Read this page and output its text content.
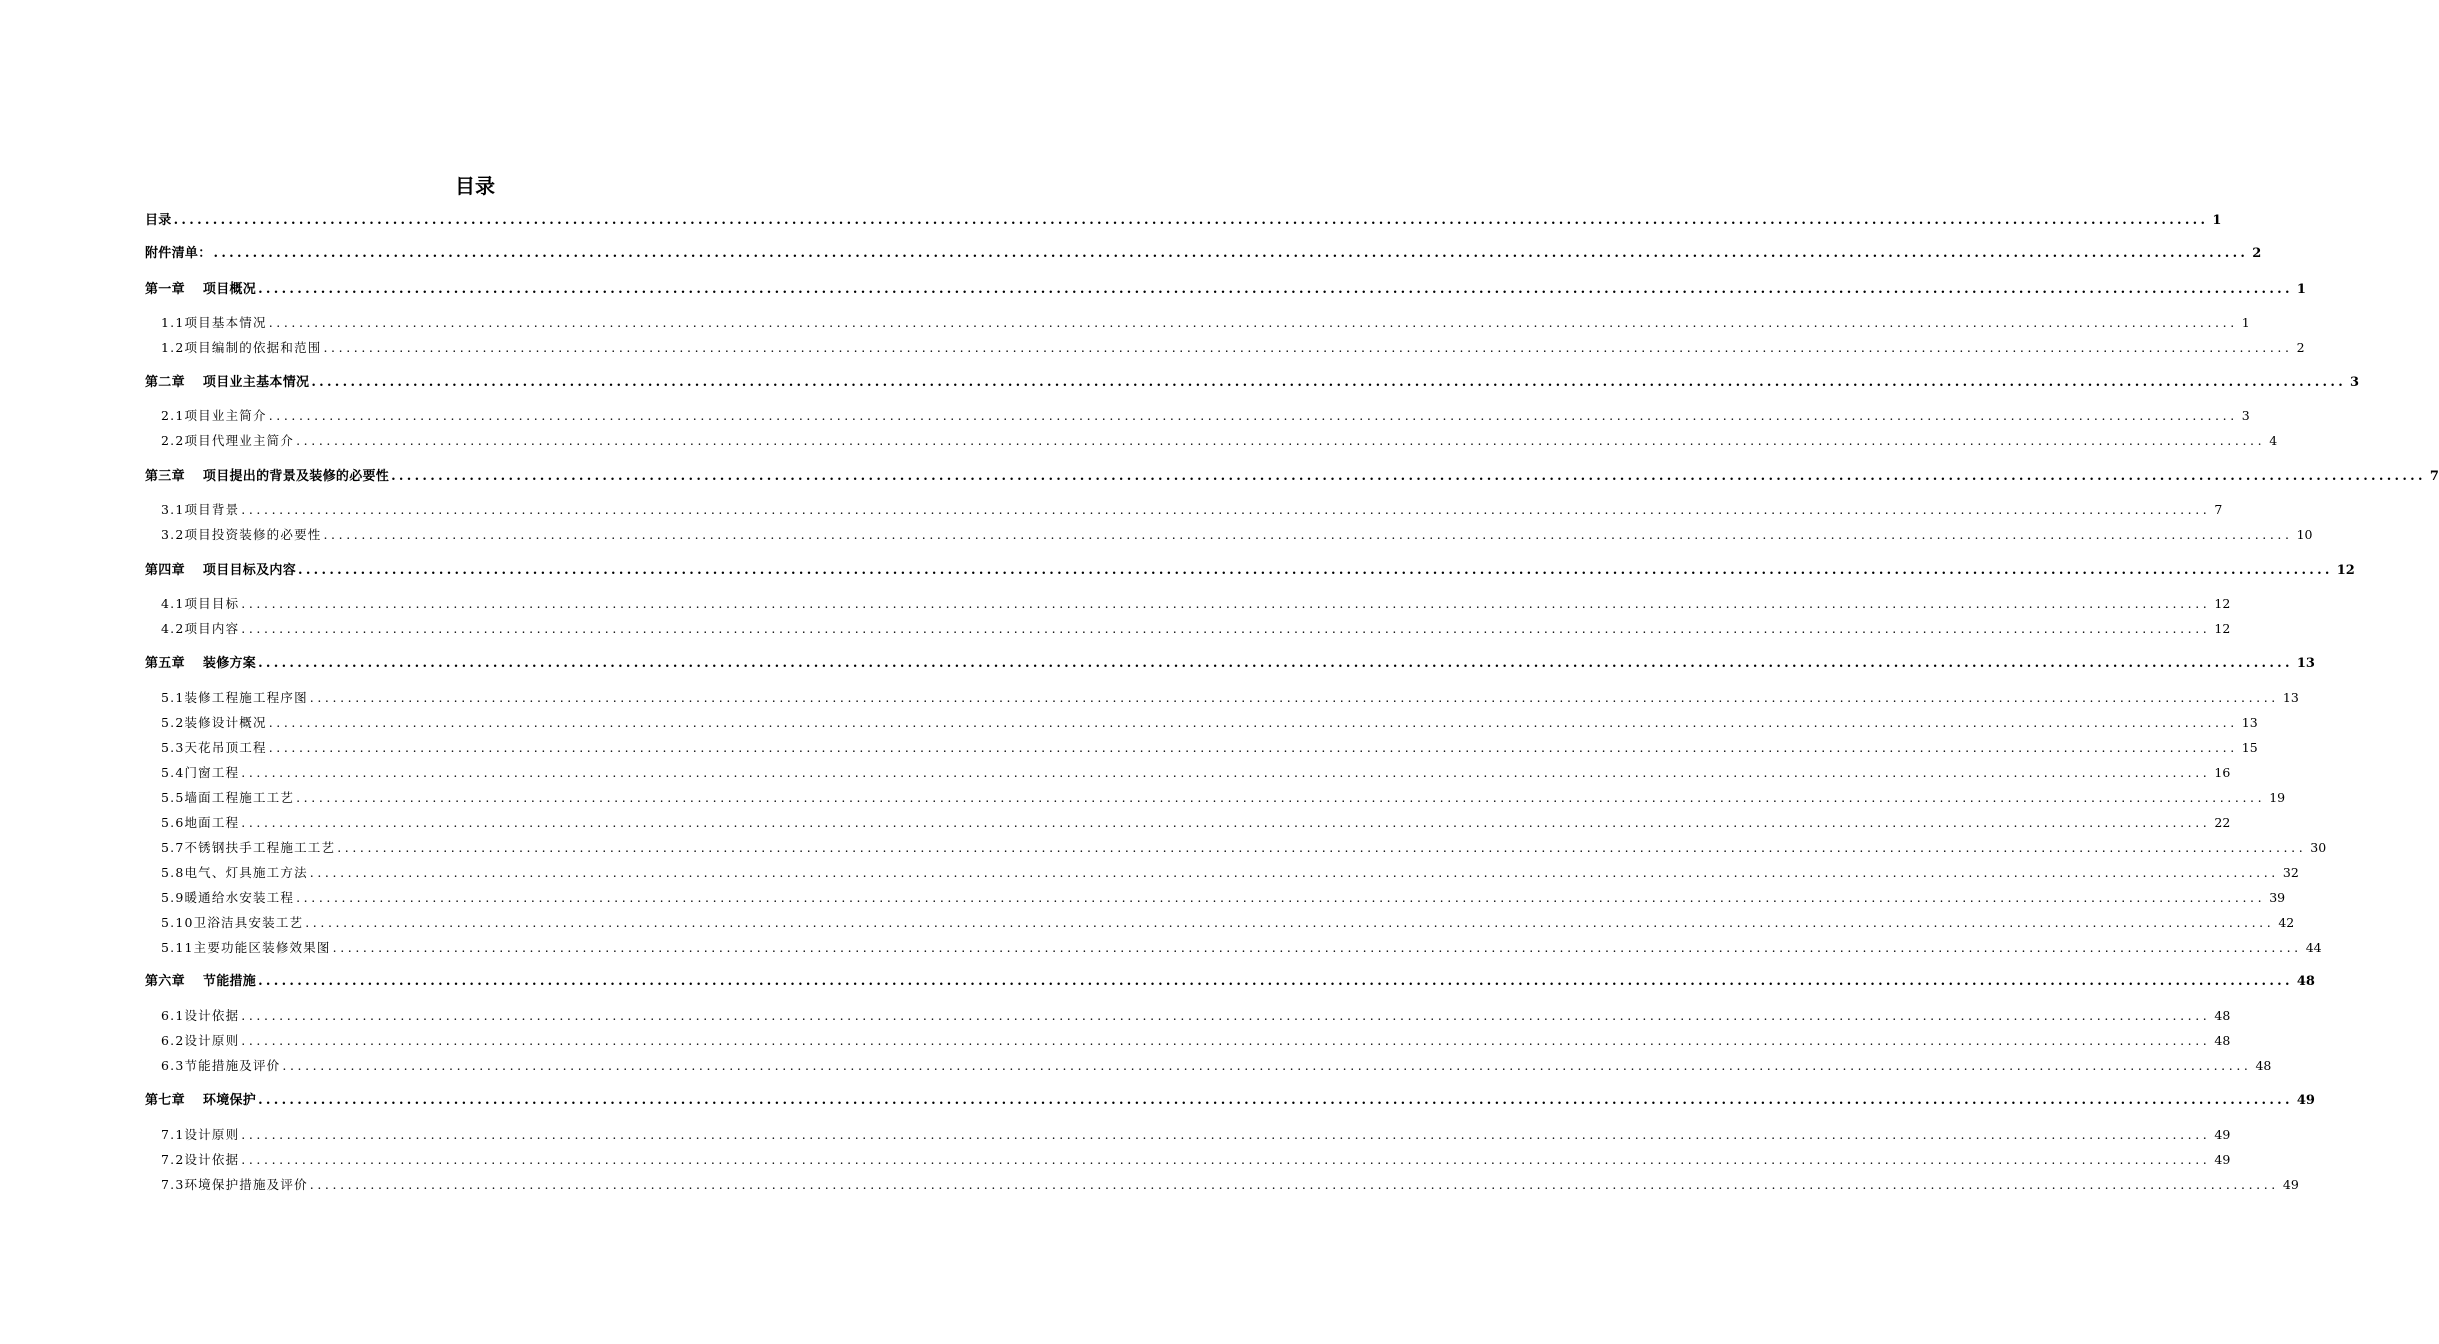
目录
目录 .................................................................................................................................................................................................................................................................... 1
附件清单： .................................................................................................................................................................................................................................................................... 2
第一章 项目概况 .................................................................................................................................................................................................................................................................... 1
1.1项目基本情况 .................................................................................................................................................................................................................................................................... 1
1.2项目编制的依据和范围 .................................................................................................................................................................................................................................................................... 2
第二章 项目业主基本情况 .................................................................................................................................................................................................................................................................... 3
2.1项目业主简介 .................................................................................................................................................................................................................................................................... 3
2.2项目代理业主简介 .................................................................................................................................................................................................................................................................... 4
第三章 项目提出的背景及装修的必要性 .................................................................................................................................................................................................................................................................... 7
3.1项目背景 .................................................................................................................................................................................................................................................................... 7
3.2项目投资装修的必要性 .................................................................................................................................................................................................................................................................... 10
第四章 项目目标及内容 .................................................................................................................................................................................................................................................................... 12
4.1项目目标 .................................................................................................................................................................................................................................................................... 12
4.2项目内容 .................................................................................................................................................................................................................................................................... 12
第五章 装修方案 .................................................................................................................................................................................................................................................................... 13
5.1装修工程施工程序图 .................................................................................................................................................................................................................................................................... 13
5.2装修设计概况 .................................................................................................................................................................................................................................................................... 13
5.3天花吊顶工程 .................................................................................................................................................................................................................................................................... 15
5.4门窗工程 .................................................................................................................................................................................................................................................................... 16
5.5墙面工程施工工艺 .................................................................................................................................................................................................................................................................... 19
5.6地面工程 .................................................................................................................................................................................................................................................................... 22
5.7不锈钢扶手工程施工工艺 .................................................................................................................................................................................................................................................................... 30
5.8电气、灯具施工方法 .................................................................................................................................................................................................................................................................... 32
5.9暖通给水安装工程 .................................................................................................................................................................................................................................................................... 39
5.10卫浴洁具安装工艺 .................................................................................................................................................................................................................................................................... 42
5.11主要功能区装修效果图 .................................................................................................................................................................................................................................................................... 44
第六章 节能措施 .................................................................................................................................................................................................................................................................... 48
6.1设计依据 .................................................................................................................................................................................................................................................................... 48
6.2设计原则 .................................................................................................................................................................................................................................................................... 48
6.3节能措施及评价 .................................................................................................................................................................................................................................................................... 48
第七章 环境保护 .................................................................................................................................................................................................................................................................... 49
7.1设计原则 .................................................................................................................................................................................................................................................................... 49
7.2设计依据 .................................................................................................................................................................................................................................................................... 49
7.3环境保护措施及评价 .................................................................................................................................................................................................................................................................... 49
